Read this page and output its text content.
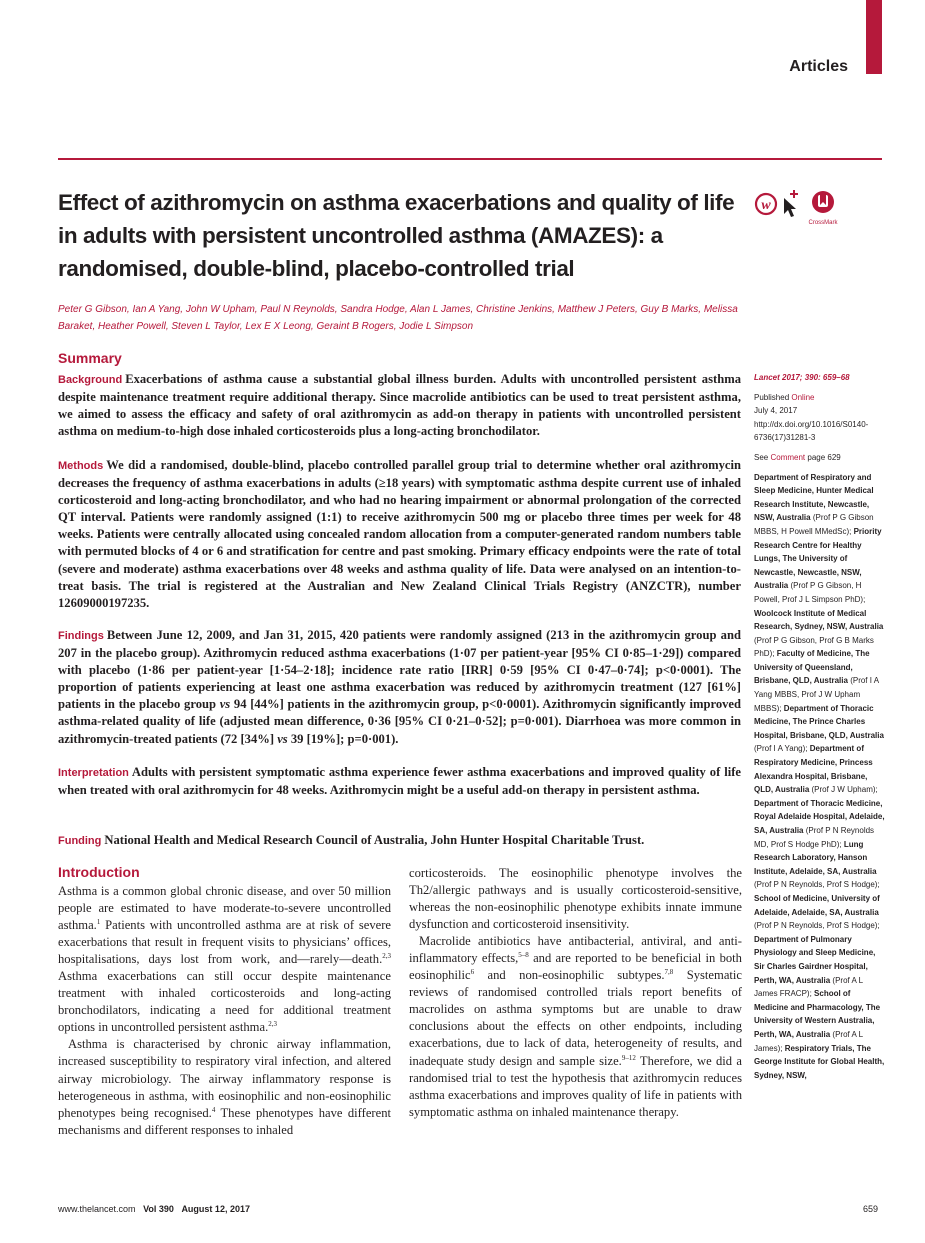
Articles
Effect of azithromycin on asthma exacerbations and quality of life in adults with persistent uncontrolled asthma (AMAZES): a randomised, double-blind, placebo-controlled trial
w
CrossMark

Peter G Gibson, Ian A Yang, John W Upham, Paul N Reynolds, Sandra Hodge, Alan L James, Christine Jenkins, Matthew J Peters, Guy B Marks, Melissa Baraket, Heather Powell, Steven L Taylor, Lex E X Leong, Geraint B Rogers, Jodie L Simpson

Summary

Background Exacerbations of asthma cause a substantial global illness burden. Adults with uncontrolled persistent asthma despite maintenance treatment require additional therapy. Since macrolide antibiotics can be used to treat persistent asthma, we aimed to assess the efficacy and safety of oral azithromycin as add-on therapy in patients with uncontrolled persistent asthma on medium-to-high dose inhaled corticosteroids plus a long-acting bronchodilator.

Methods We did a randomised, double-blind, placebo controlled parallel group trial to determine whether oral azithromycin decreases the frequency of asthma exacerbations in adults (≥18 years) with symptomatic asthma despite current use of inhaled corticosteroid and long-acting bronchodilator, and who had no hearing impairment or abnormal prolongation of the corrected QT interval. Patients were randomly assigned (1:1) to receive azithromycin 500 mg or placebo three times per week for 48 weeks. Patients were centrally allocated using concealed random allocation from a computer-generated random numbers table with permuted blocks of 4 or 6 and stratification for centre and past smoking. Primary efficacy endpoints were the rate of total (severe and moderate) asthma exacerbations over 48 weeks and asthma quality of life. Data were analysed on an intention-to-treat basis. The trial is registered at the Australian and New Zealand Clinical Trials Registry (ANZCTR), number 12609000197235.

Findings Between June 12, 2009, and Jan 31, 2015, 420 patients were randomly assigned (213 in the azithromycin group and 207 in the placebo group). Azithromycin reduced asthma exacerbations (1·07 per patient-year [95% CI 0·85–1·29]) compared with placebo (1·86 per patient-year [1·54–2·18]; incidence rate ratio [IRR] 0·59 [95% CI 0·47–0·74]; p<0·0001). The proportion of patients experiencing at least one asthma exacerbation was reduced by azithromycin treatment (127 [61%] patients in the placebo group vs 94 [44%] patients in the azithromycin group, p<0·0001). Azithromycin significantly improved asthma-related quality of life (adjusted mean difference, 0·36 [95% CI 0·21–0·52]; p=0·001). Diarrhoea was more common in azithromycin-treated patients (72 [34%] vs 39 [19%]; p=0·001).

Interpretation Adults with persistent symptomatic asthma experience fewer asthma exacerbations and improved quality of life when treated with oral azithromycin for 48 weeks. Azithromycin might be a useful add-on therapy in persistent asthma.

Funding National Health and Medical Research Council of Australia, John Hunter Hospital Charitable Trust.

Introduction

Asthma is a common global chronic disease, and over 50 million people are estimated to have moderate-to-severe uncontrolled asthma.$^1$ Patients with uncontrolled asthma are at risk of severe exacerbations that result in frequent visits to physicians’ offices, hospitalisations, days lost from work, and—rarely—death.$^{2,3}$ Asthma exacerbations can still occur despite maintenance treatment with inhaled corticosteroids and long-acting bronchodilators, indicating a need for additional treatment options in uncontrolled persistent asthma.$^{2,3}$

Asthma is characterised by chronic airway inflammation, increased susceptibility to respiratory viral infection, and altered airway microbiology. The airway inflammatory response is heterogeneous in asthma, with eosinophilic and non-eosinophilic phenotypes being recognised.$^4$ These phenotypes have different mechanisms and different responses to inhaled

corticosteroids. The eosinophilic phenotype involves the Th2/allergic pathways and is usually corticosteroid-sensitive, whereas the non-eosinophilic phenotype exhibits innate immune dysfunction and corticosteroid insensitivity.

Macrolide antibiotics have antibacterial, antiviral, and anti-inflammatory effects,$^{5-8}$ and are reported to be beneficial in both eosinophilic$^6$ and non-eosinophilic subtypes.$^{7,8}$ Systematic reviews of randomised controlled trials report benefits of macrolides on asthma symptoms but are unable to draw conclusions about the effects on other endpoints, including exacerbations, due to lack of data, heterogeneity of results, and inadequate study design and sample size.$^{9-12}$ Therefore, we did a randomised trial to test the hypothesis that azithromycin reduces asthma exacerbations and improves quality of life in patients with symptomatic asthma on inhaled maintenance therapy.

Lancet 2017; 390: 659–68

Published Online

July 4, 2017

http://dx.doi.org/10.1016/S0140-6736(17)31281-3

See Comment page 629

Department of Respiratory and Sleep Medicine, Hunter Medical Research Institute, Newcastle, NSW, Australia (Prof P G Gibson MBBS, H Powell MMedSc); Priority Research Centre for Healthy Lungs, The University of Newcastle, Newcastle, NSW, Australia (Prof P G Gibson, H Powell, Prof J L Simpson PhD); Woolcock Institute of Medical Research, Sydney, NSW, Australia (Prof P G Gibson, Prof G B Marks PhD); Faculty of Medicine, The University of Queensland, Brisbane, QLD, Australia (Prof I A Yang MBBS, Prof J W Upham MBBS); Department of Thoracic Medicine, The Prince Charles Hospital, Brisbane, QLD, Australia (Prof I A Yang); Department of Respiratory Medicine, Princess Alexandra Hospital, Brisbane, QLD, Australia (Prof J W Upham); Department of Thoracic Medicine, Royal Adelaide Hospital, Adelaide, SA, Australia (Prof P N Reynolds MD, Prof S Hodge PhD); Lung Research Laboratory, Hanson Institute, Adelaide, SA, Australia (Prof P N Reynolds, Prof S Hodge); School of Medicine, University of Adelaide, Adelaide, SA, Australia (Prof P N Reynolds, Prof S Hodge); Department of Pulmonary Physiology and Sleep Medicine, Sir Charles Gairdner Hospital, Perth, WA, Australia (Prof A L James FRACP); School of Medicine and Pharmacology, The University of Western Australia, Perth, WA, Australia (Prof A L James); Respiratory Trials, The George Institute for Global Health, Sydney, NSW,

www.thelancet.com Vol 390 August 12, 2017	659
